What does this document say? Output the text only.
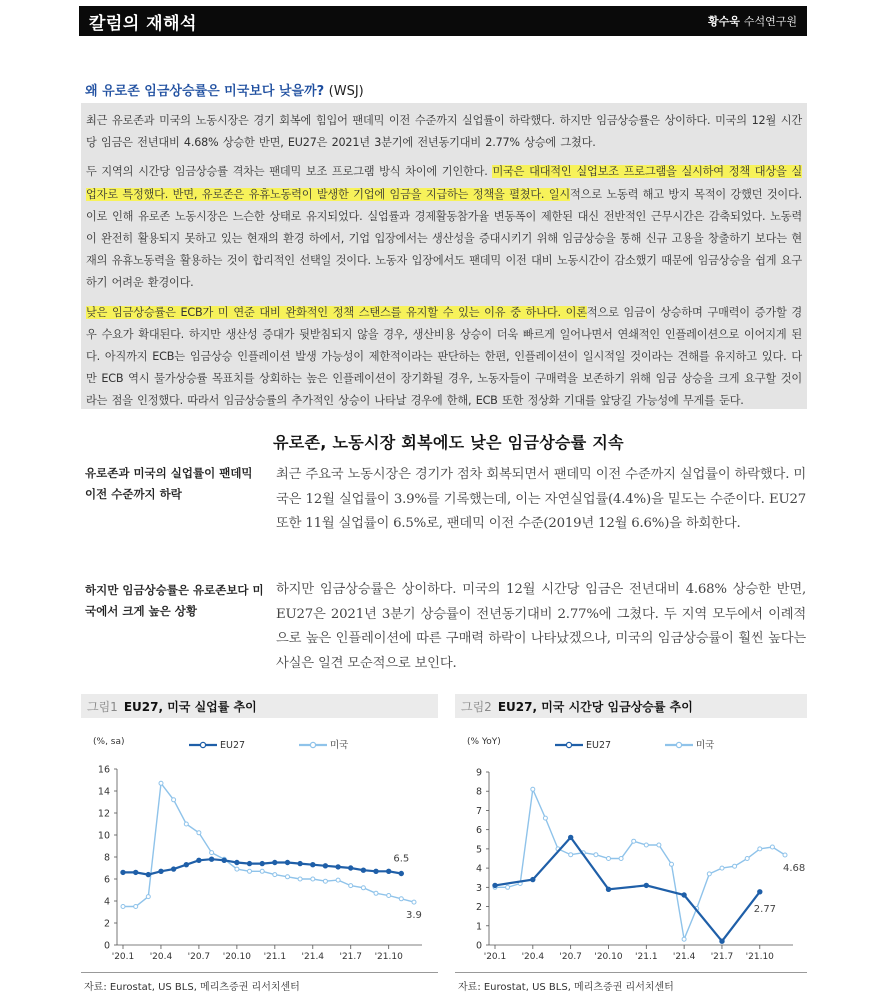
칼럼의 재해석	황수욱 수석연구원
왜 유로존 임금상승률은 미국보다 낮을까? (WSJ)

최근 유로존과 미국의 노동시장은 경기 회복에 힘입어 팬데믹 이전 수준까지 실업률이 하락했다. 하지만 임금상승률은 상이하다. 미국의 12월 시간당 임금은 전년대비 4.68% 상승한 반면, EU27은 2021년 3분기에 전년동기대비 2.77% 상승에 그쳤다.

두 지역의 시간당 임금상승률 격차는 팬데믹 보조 프로그램 방식 차이에 기인한다. 미국은 대대적인 실업보조 프로그램을 실시하여 정책 대상을 실업자로 특정했다. 반면, 유로존은 유휴노동력이 발생한 기업에 임금을 지급하는 정책을 펼쳤다. 일시적으로 노동력 해고 방지 목적이 강했던 것이다. 이로 인해 유로존 노동시장은 느슨한 상태로 유지되었다. 실업률과 경제활동참가율 변동폭이 제한된 대신 전반적인 근무시간은 감축되었다. 노동력이 완전히 활용되지 못하고 있는 현재의 환경 하에서, 기업 입장에서는 생산성을 증대시키기 위해 임금상승을 통해 신규 고용을 창출하기 보다는 현재의 유휴노동력을 활용하는 것이 합리적인 선택일 것이다. 노동자 입장에서도 팬데믹 이전 대비 노동시간이 감소했기 때문에 임금상승을 쉽게 요구하기 어려운 환경이다.

낮은 임금상승률은 ECB가 미 연준 대비 완화적인 정책 스탠스를 유지할 수 있는 이유 중 하나다. 이론적으로 임금이 상승하며 구매력이 증가할 경우 수요가 확대된다. 하지만 생산성 증대가 뒷받침되지 않을 경우, 생산비용 상승이 더욱 빠르게 일어나면서 연쇄적인 인플레이션으로 이어지게 된다. 아직까지 ECB는 임금상승 인플레이션 발생 가능성이 제한적이라는 판단하는 한편, 인플레이션이 일시적일 것이라는 견해를 유지하고 있다. 다만 ECB 역시 물가상승률 목표치를 상회하는 높은 인플레이션이 장기화될 경우, 노동자들이 구매력을 보존하기 위해 임금 상승을 크게 요구할 것이라는 점을 인정했다. 따라서 임금상승률의 추가적인 상승이 나타날 경우에 한해, ECB 또한 정상화 기대를 앞당길 가능성에 무게를 둔다.

유로존, 노동시장 회복에도 낮은 임금상승률 지속
유로존과 미국의 실업률이 팬데믹 이전 수준까지 하락
최근 주요국 노동시장은 경기가 점차 회복되면서 팬데믹 이전 수준까지 실업률이 하락했다. 미국은 12월 실업률이 3.9%를 기록했는데, 이는 자연실업률(4.4%)을 밑도는 수준이다. EU27 또한 11월 실업률이 6.5%로, 팬데믹 이전 수준(2019년 12월 6.6%)을 하회한다.
하지만 임금상승률은 유로존보다 미국에서 크게 높은 상황
하지만 임금상승률은 상이하다. 미국의 12월 시간당 임금은 전년대비 4.68% 상승한 반면, EU27은 2021년 3분기 상승률이 전년동기대비 2.77%에 그쳤다. 두 지역 모두에서 이례적으로 높은 인플레이션에 따른 구매력 하락이 나타났겠으나, 미국의 임금상승률이 훨씬 높다는 사실은 일견 모순적으로 보인다.
그림1 EU27, 미국 실업률 추이	그림2 EU27, 미국 시간당 임금상승률 추이
(%, sa)	EU27	미국
0
2
4
6
8
10
12
14
16
'20.1 '20.4 '20.7 '20.10 '21.1 '21.4 '21.7 '21.10
3.9
6.5
(% YoY)	EU27	미국
0
1
2
3
4
5
6
7
8
9
'20.1 '20.4 '20.7 '20.10 '21.1 '21.4 '21.7 '21.10
4.68
2.77
자료: Eurostat, US BLS, 메리츠증권 리서치센터	자료: Eurostat, US BLS, 메리츠증권 리서치센터
